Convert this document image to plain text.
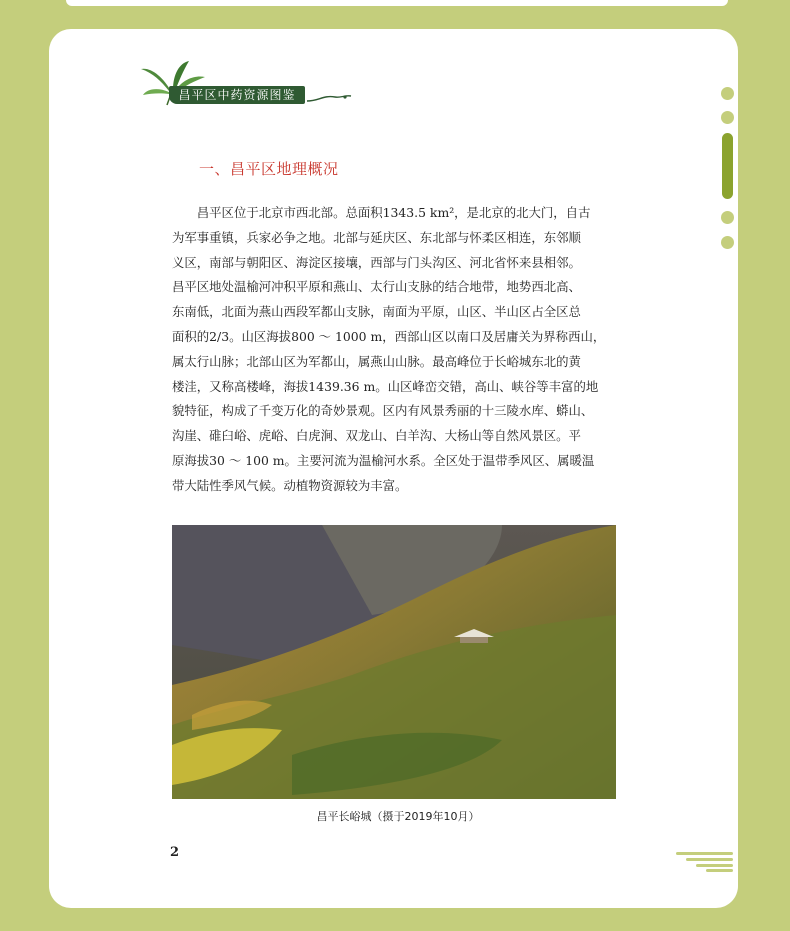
昌平区中药资源图鉴
一、昌平区地理概况

　　昌平区位于北京市西北部。总面积1343.5 km²，是北京的北大门，自古
为军事重镇，兵家必争之地。北部与延庆区、东北部与怀柔区相连，东邻顺
义区，南部与朝阳区、海淀区接壤，西部与门头沟区、河北省怀来县相邻。
昌平区地处温榆河冲积平原和燕山、太行山支脉的结合地带，地势西北高、
东南低，北面为燕山西段军都山支脉，南面为平原，山区、半山区占全区总
面积的2/3。山区海拔800 ～ 1000 m，西部山区以南口及居庸关为界称西山，
属太行山脉；北部山区为军都山，属燕山山脉。最高峰位于长峪城东北的黄
楼洼，又称高楼峰，海拔1439.36 m。山区峰峦交错，高山、峡谷等丰富的地
貌特征，构成了千变万化的奇妙景观。区内有风景秀丽的十三陵水库、蟒山、
沟崖、碓臼峪、虎峪、白虎涧、双龙山、白羊沟、大杨山等自然风景区。平
原海拔30 ～ 100 m。主要河流为温榆河水系。全区处于温带季风区、属暖温
带大陆性季风气候。动植物资源较为丰富。

昌平长峪城（摄于2019年10月）
2
